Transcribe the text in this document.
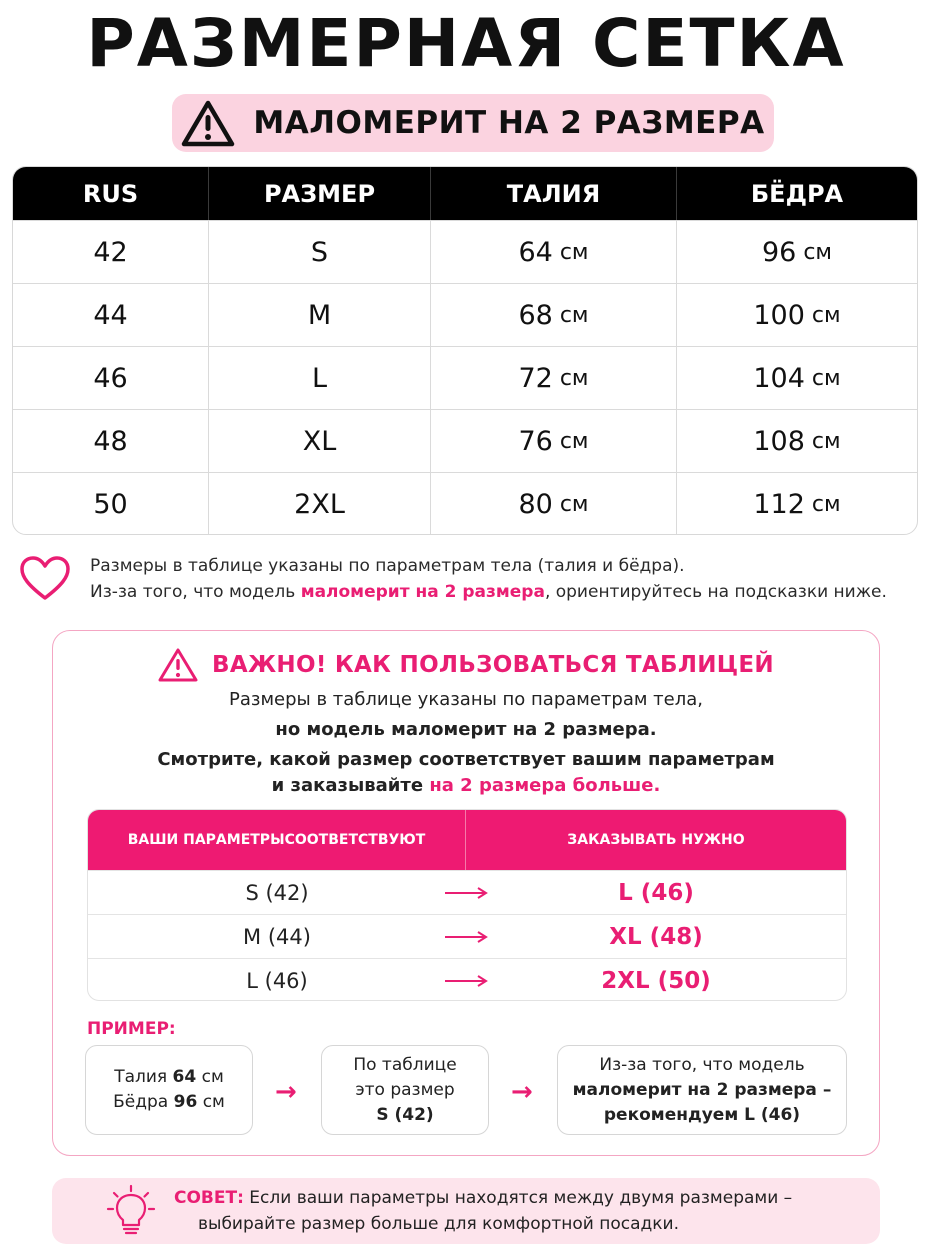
РАЗМЕРНАЯ СЕТКА
МАЛОМЕРИТ НА 2 РАЗМЕРА
RUS	РАЗМЕР	ТАЛИЯ	БЁДРА
42	S	64 см	96 см
44	M	68 см	100 см
46	L	72 см	104 см
48	XL	76 см	108 см
50	2XL	80 см	112 см
Размеры в таблице указаны по параметрам тела (талия и бёдра).
Из-за того, что модель маломерит на 2 размера, ориентируйтесь на подсказки ниже.
ВАЖНО! КАК ПОЛЬЗОВАТЬСЯ ТАБЛИЦЕЙ
Размеры в таблице указаны по параметрам тела,
но модель маломерит на 2 размера.
Смотрите, какой размер соответствует вашим параметрам
и заказывайте на 2 размера больше.
ВАШИ ПАРАМЕТРЫ СООТВЕТСТВУЮТ	ЗАКАЗЫВАТЬ НУЖНО
S (42)	L (46)
M (44)	XL (48)
L (46)	2XL (50)
ПРИМЕР:
Талия 64 см
Бёдра 96 см →
По таблице
это размер
S (42)
→
Из-за того, что модель
маломерит на 2 размера –
рекомендуем L (46)
СОВЕТ: Если ваши параметры находятся между двумя размерами –
выбирайте размер больше для комфортной посадки.
